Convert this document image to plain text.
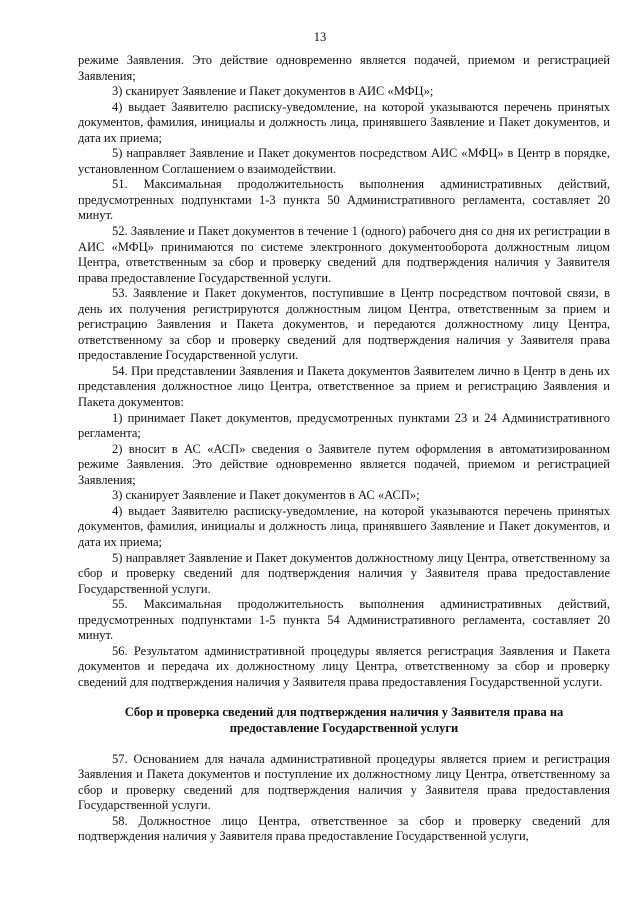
13

режиме Заявления. Это действие одновременно является подачей, приемом и регистрацией Заявления;

3) сканирует Заявление и Пакет документов в АИС «МФЦ»;

4) выдает Заявителю расписку-уведомление, на которой указываются перечень принятых документов, фамилия, инициалы и должность лица, принявшего Заявление и Пакет документов, и дата их приема;

5) направляет Заявление и Пакет документов посредством АИС «МФЦ» в Центр в порядке, установленном Соглашением о взаимодействии.

51. Максимальная продолжительность выполнения административных действий, предусмотренных подпунктами 1-3 пункта 50 Административного регламента, составляет 20 минут.

52. Заявление и Пакет документов в течение 1 (одного) рабочего дня со дня их регистрации в АИС «МФЦ» принимаются по системе электронного документооборота должностным лицом Центра, ответственным за сбор и проверку сведений для подтверждения наличия у Заявителя права предоставление Государственной услуги.

53. Заявление и Пакет документов, поступившие в Центр посредством почтовой связи, в день их получения регистрируются должностным лицом Центра, ответственным за прием и регистрацию Заявления и Пакета документов, и передаются должностному лицу Центра, ответственному за сбор и проверку сведений для подтверждения наличия у Заявителя права предоставление Государственной услуги.

54. При представлении Заявления и Пакета документов Заявителем лично в Центр в день их представления должностное лицо Центра, ответственное за прием и регистрацию Заявления и Пакета документов:

1) принимает Пакет документов, предусмотренных пунктами 23 и 24 Административного регламента;

2) вносит в АС «АСП» сведения о Заявителе путем оформления в автоматизированном режиме Заявления. Это действие одновременно является подачей, приемом и регистрацией Заявления;

3) сканирует Заявление и Пакет документов в АС «АСП»;

4) выдает Заявителю расписку-уведомление, на которой указываются перечень принятых документов, фамилия, инициалы и должность лица, принявшего Заявление и Пакет документов, и дата их приема;

5) направляет Заявление и Пакет документов должностному лицу Центра, ответственному за сбор и проверку сведений для подтверждения наличия у Заявителя права предоставление Государственной услуги.

55. Максимальная продолжительность выполнения административных действий, предусмотренных подпунктами 1-5 пункта 54 Административного регламента, составляет 20 минут.

56. Результатом административной процедуры является регистрация Заявления и Пакета документов и передача их должностному лицу Центра, ответственному за сбор и проверку сведений для подтверждения наличия у Заявителя права предоставления Государственной услуги.

Сбор и проверка сведений для подтверждения наличия у Заявителя права на предоставление Государственной услуги

57. Основанием для начала административной процедуры является прием и регистрация Заявления и Пакета документов и поступление их должностному лицу Центра, ответственному за сбор и проверку сведений для подтверждения наличия у Заявителя права предоставления Государственной услуги.

58. Должностное лицо Центра, ответственное за сбор и проверку сведений для подтверждения наличия у Заявителя права предоставление Государственной услуги,
